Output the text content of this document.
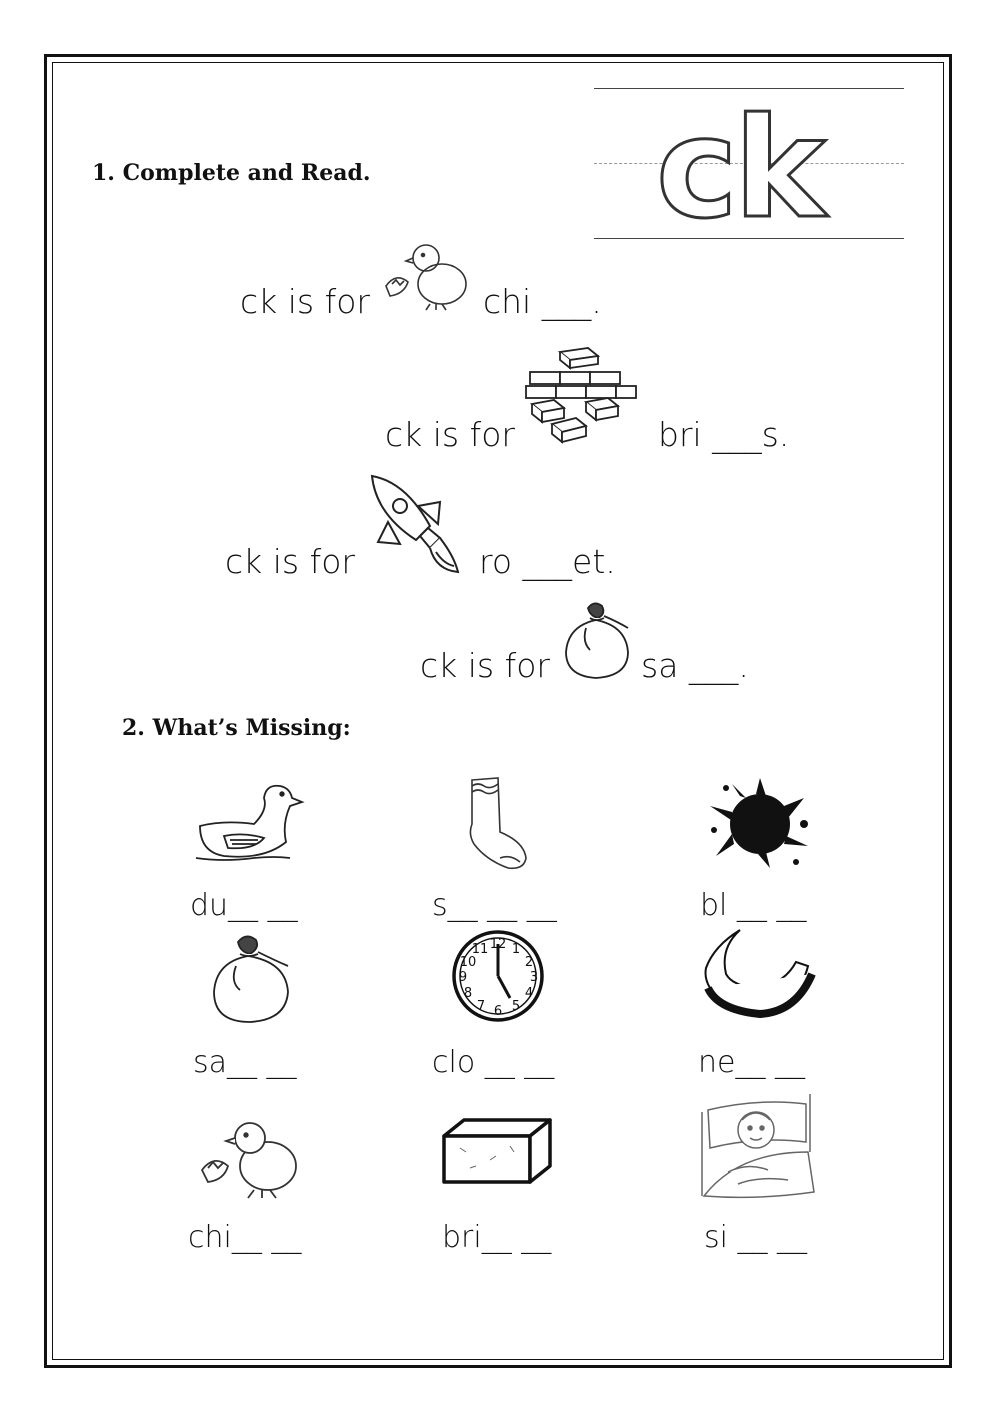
1. Complete and Read. ck
ck is for	chi ___.
ck is for	bri ___s.
ck is for	ro ___et.
ck is for	sa ___.
2. What’s Missing:
du__ __	s__ __ __	bl __ __
12 1
2
3
4
5
6
7
8
9
10
11
sa__ __	clo __ __	ne__ __
chi__ __	bri__ __	si __ __
